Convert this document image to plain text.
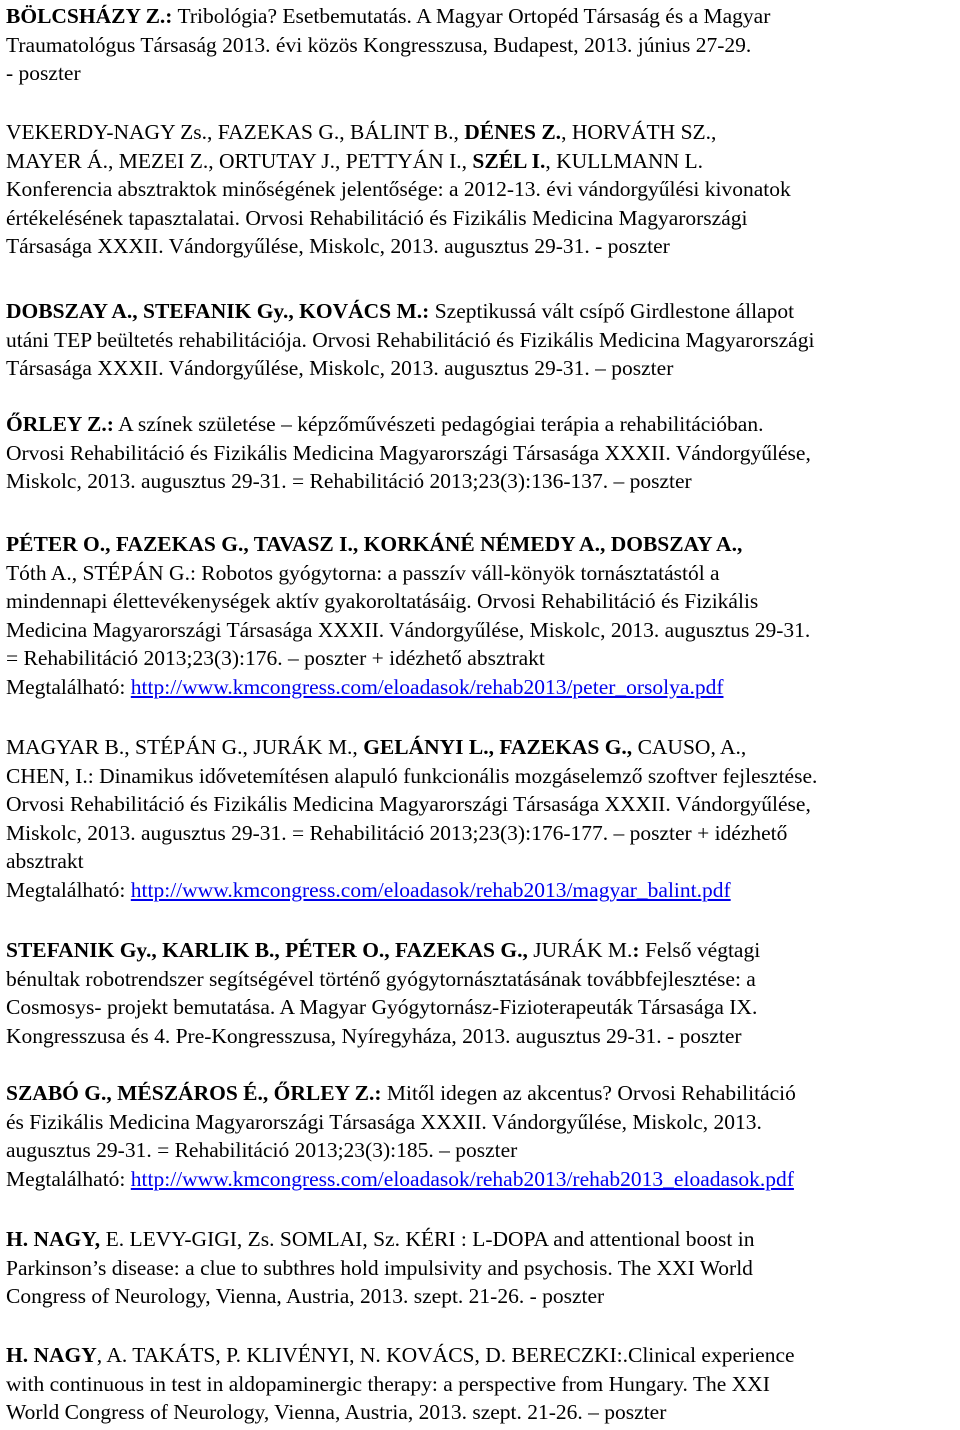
BÖLCSHÁZY Z.: Tribológia? Esetbemutatás. A Magyar Ortopéd Társaság és a Magyar
Traumatológus Társaság 2013. évi közös Kongresszusa, Budapest, 2013. június 27-29.
- poszter

VEKERDY-NAGY Zs., FAZEKAS G., BÁLINT B., DÉNES Z., HORVÁTH SZ.,
MAYER Á., MEZEI Z., ORTUTAY J., PETTYÁN I., SZÉL I., KULLMANN L.
Konferencia absztraktok minőségének jelentősége: a 2012-13. évi vándorgyűlési kivonatok
értékelésének tapasztalatai. Orvosi Rehabilitáció és Fizikális Medicina Magyarországi
Társasága XXXII. Vándorgyűlése, Miskolc, 2013. augusztus 29-31. - poszter

DOBSZAY A., STEFANIK Gy., KOVÁCS M.: Szeptikussá vált csípő Girdlestone állapot
utáni TEP beültetés rehabilitációja. Orvosi Rehabilitáció és Fizikális Medicina Magyarországi
Társasága XXXII. Vándorgyűlése, Miskolc, 2013. augusztus 29-31. – poszter

ŐRLEY Z.: A színek születése – képzőművészeti pedagógiai terápia a rehabilitációban.
Orvosi Rehabilitáció és Fizikális Medicina Magyarországi Társasága XXXII. Vándorgyűlése,
Miskolc, 2013. augusztus 29-31. = Rehabilitáció 2013;23(3):136-137. – poszter

PÉTER O., FAZEKAS G., TAVASZ I., KORKÁNÉ NÉMEDY A., DOBSZAY A.,
Tóth A., STÉPÁN G.: Robotos gyógytorna: a passzív váll-könyök tornásztatástól a
mindennapi élettevékenységek aktív gyakoroltatásáig. Orvosi Rehabilitáció és Fizikális
Medicina Magyarországi Társasága XXXII. Vándorgyűlése, Miskolc, 2013. augusztus 29-31.
= Rehabilitáció 2013;23(3):176. – poszter + idézhető absztrakt
Megtalálható: http://www.kmcongress.com/eloadasok/rehab2013/peter_orsolya.pdf

MAGYAR B., STÉPÁN G., JURÁK M., GELÁNYI L., FAZEKAS G., CAUSO, A.,
CHEN, I.: Dinamikus idővetemítésen alapuló funkcionális mozgáselemző szoftver fejlesztése.
Orvosi Rehabilitáció és Fizikális Medicina Magyarországi Társasága XXXII. Vándorgyűlése,
Miskolc, 2013. augusztus 29-31. = Rehabilitáció 2013;23(3):176-177. – poszter + idézhető
absztrakt
Megtalálható: http://www.kmcongress.com/eloadasok/rehab2013/magyar_balint.pdf

STEFANIK Gy., KARLIK B., PÉTER O., FAZEKAS G., JURÁK M.: Felső végtagi
bénultak robotrendszer segítségével történő gyógytornásztatásának továbbfejlesztése: a
Cosmosys- projekt bemutatása. A Magyar Gyógytornász-Fizioterapeuták Társasága IX.
Kongresszusa és 4. Pre-Kongresszusa, Nyíregyháza, 2013. augusztus 29-31. - poszter

SZABÓ G., MÉSZÁROS É., ŐRLEY Z.: Mitől idegen az akcentus? Orvosi Rehabilitáció
és Fizikális Medicina Magyarországi Társasága XXXII. Vándorgyűlése, Miskolc, 2013.
augusztus 29-31. = Rehabilitáció 2013;23(3):185. – poszter
Megtalálható: http://www.kmcongress.com/eloadasok/rehab2013/rehab2013_eloadasok.pdf

H. NAGY, E. LEVY-GIGI, Zs. SOMLAI, Sz. KÉRI : L-DOPA and attentional boost in
Parkinson’s disease: a clue to subthres hold impulsivity and psychosis. The XXI World
Congress of Neurology, Vienna, Austria, 2013. szept. 21-26. - poszter

H. NAGY, A. TAKÁTS, P. KLIVÉNYI, N. KOVÁCS, D. BERECZKI:.Clinical experience
with continuous in test in aldopaminergic therapy: a perspective from Hungary. The XXI
World Congress of Neurology, Vienna, Austria, 2013. szept. 21-26. – poszter
